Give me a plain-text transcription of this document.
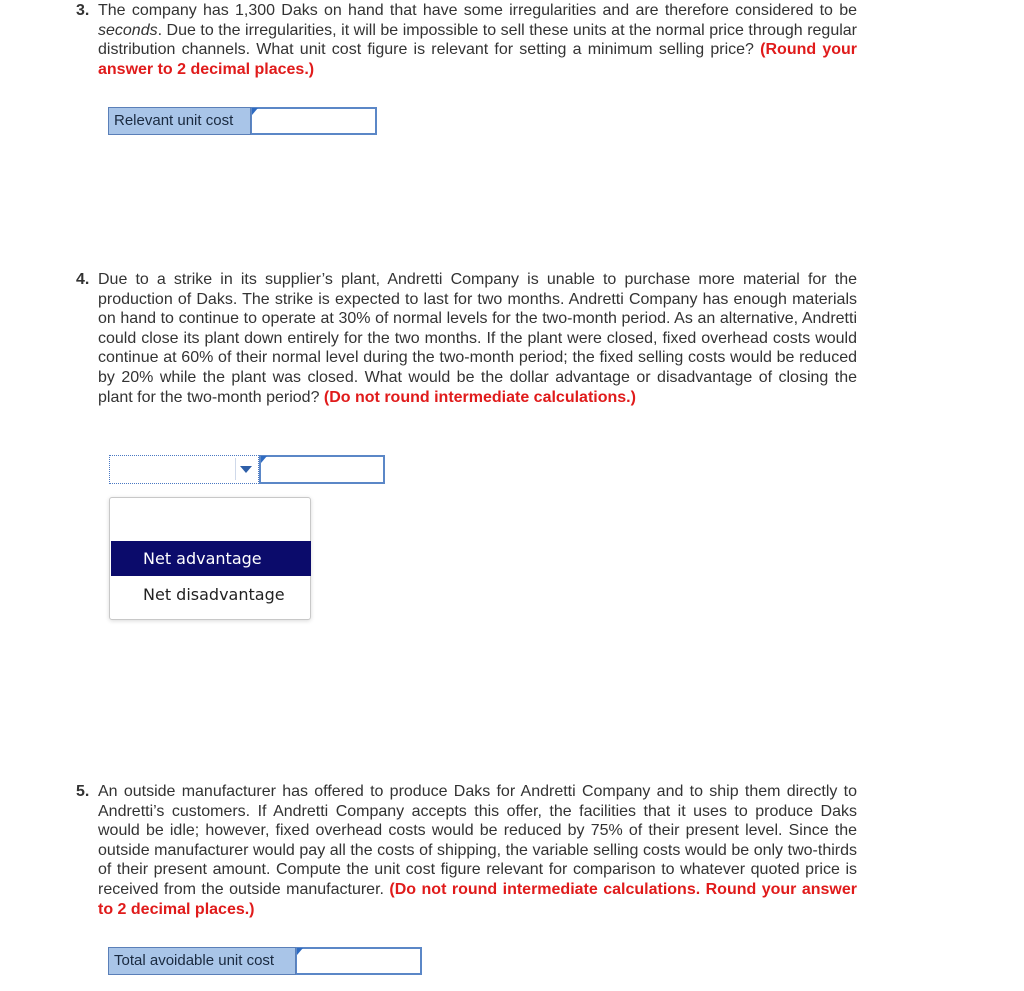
3. The company has 1,300 Daks on hand that have some irregularities and are therefore considered to be seconds. Due to the irregularities, it will be impossible to sell these units at the normal price through regular distribution channels. What unit cost figure is relevant for setting a minimum selling price? (Round your answer to 2 decimal places.)
Relevant unit cost
4. Due to a strike in its supplier’s plant, Andretti Company is unable to purchase more material for the production of Daks. The strike is expected to last for two months. Andretti Company has enough materials on hand to continue to operate at 30% of normal levels for the two-month period. As an alternative, Andretti could close its plant down entirely for the two months. If the plant were closed, fixed overhead costs would continue at 60% of their normal level during the two-month period; the fixed selling costs would be reduced by 20% while the plant was closed. What would be the dollar advantage or disadvantage of closing the plant for the two-month period? (Do not round intermediate calculations.)
Net advantage
Net disadvantage
5. An outside manufacturer has offered to produce Daks for Andretti Company and to ship them directly to Andretti’s customers. If Andretti Company accepts this offer, the facilities that it uses to produce Daks would be idle; however, fixed overhead costs would be reduced by 75% of their present level. Since the outside manufacturer would pay all the costs of shipping, the variable selling costs would be only two-thirds of their present amount. Compute the unit cost figure relevant for comparison to whatever quoted price is received from the outside manufacturer. (Do not round intermediate calculations. Round your answer to 2 decimal places.)
Total avoidable unit cost
